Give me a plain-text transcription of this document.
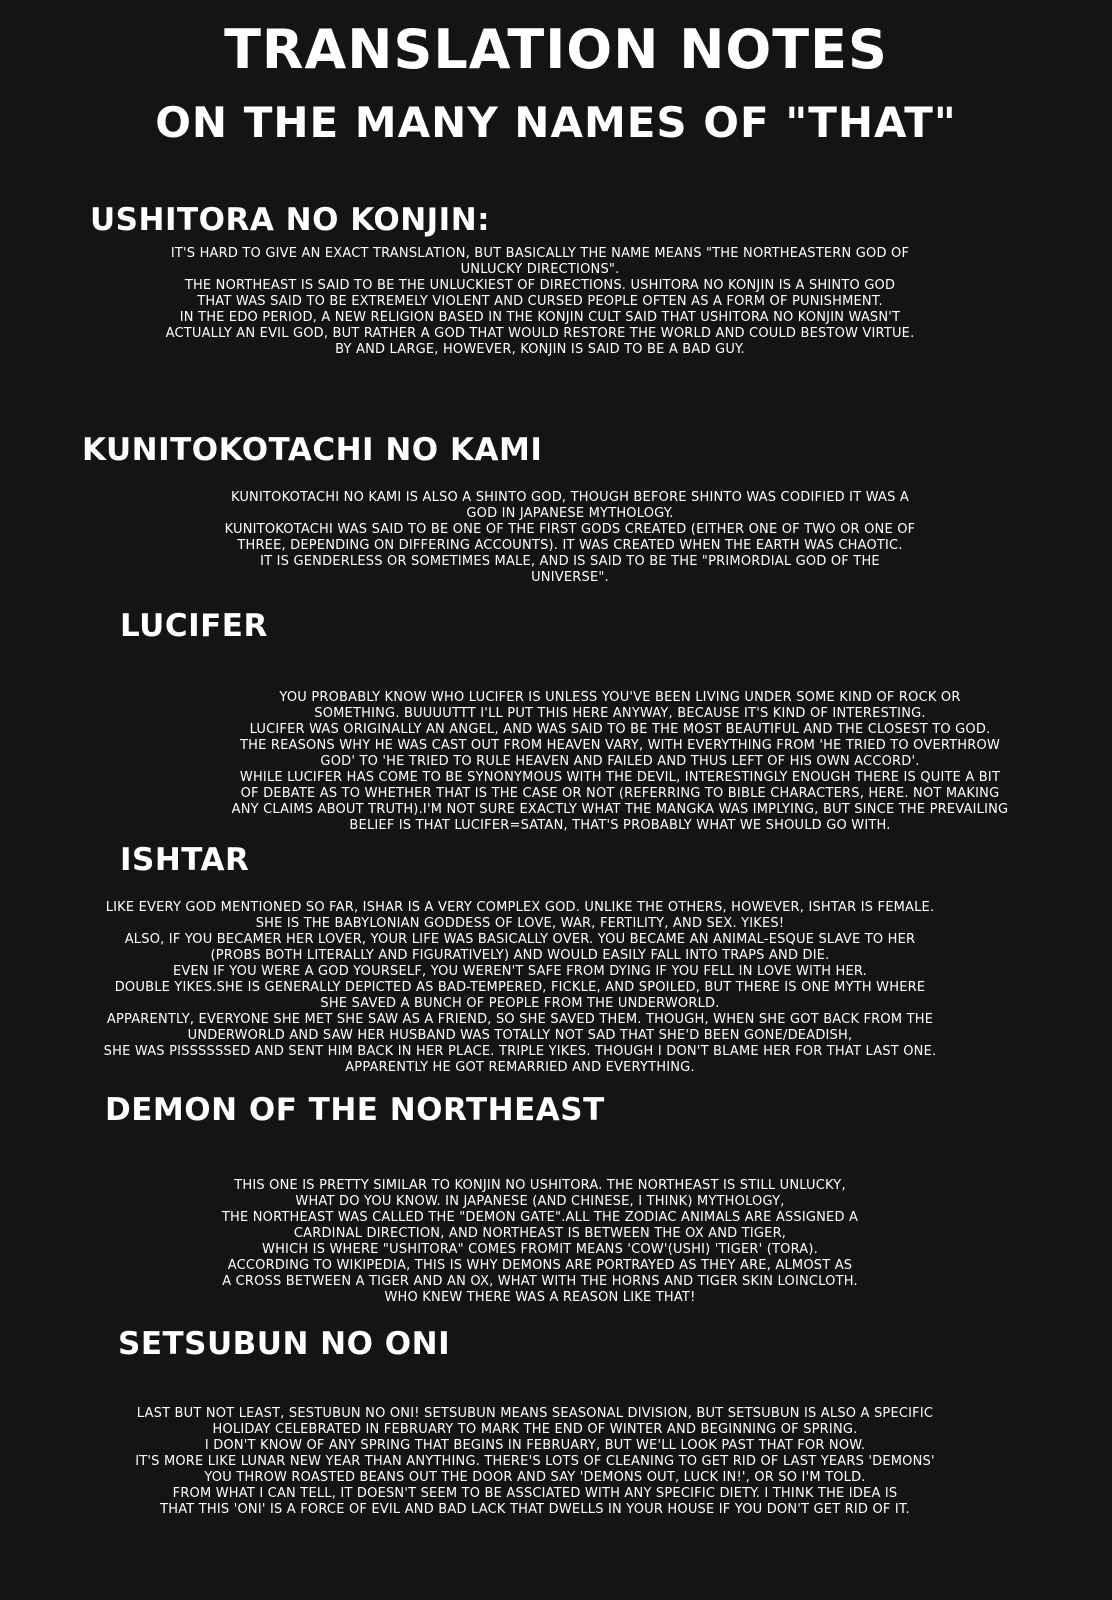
TRANSLATION NOTES
ON THE MANY NAMES OF "THAT"
USHITORA NO KONJIN:
IT'S HARD TO GIVE AN EXACT TRANSLATION, BUT BASICALLY THE NAME MEANS "THE NORTHEASTERN GOD OF
UNLUCKY DIRECTIONS".
THE NORTHEAST IS SAID TO BE THE UNLUCKIEST OF DIRECTIONS. USHITORA NO KONJIN IS A SHINTO GOD
THAT WAS SAID TO BE EXTREMELY VIOLENT AND CURSED PEOPLE OFTEN AS A FORM OF PUNISHMENT.
IN THE EDO PERIOD, A NEW RELIGION BASED IN THE KONJIN CULT SAID THAT USHITORA NO KONJIN WASN'T
ACTUALLY AN EVIL GOD, BUT RATHER A GOD THAT WOULD RESTORE THE WORLD AND COULD BESTOW VIRTUE.
BY AND LARGE, HOWEVER, KONJIN IS SAID TO BE A BAD GUY.
KUNITOKOTACHI NO KAMI
KUNITOKOTACHI NO KAMI IS ALSO A SHINTO GOD, THOUGH BEFORE SHINTO WAS CODIFIED IT WAS A
GOD IN JAPANESE MYTHOLOGY.
KUNITOKOTACHI WAS SAID TO BE ONE OF THE FIRST GODS CREATED (EITHER ONE OF TWO OR ONE OF
THREE, DEPENDING ON DIFFERING ACCOUNTS). IT WAS CREATED WHEN THE EARTH WAS CHAOTIC.
IT IS GENDERLESS OR SOMETIMES MALE, AND IS SAID TO BE THE "PRIMORDIAL GOD OF THE
UNIVERSE".
LUCIFER
YOU PROBABLY KNOW WHO LUCIFER IS UNLESS YOU'VE BEEN LIVING UNDER SOME KIND OF ROCK OR
SOMETHING. BUUUUTTT I'LL PUT THIS HERE ANYWAY, BECAUSE IT'S KIND OF INTERESTING.
LUCIFER WAS ORIGINALLY AN ANGEL, AND WAS SAID TO BE THE MOST BEAUTIFUL AND THE CLOSEST TO GOD.
THE REASONS WHY HE WAS CAST OUT FROM HEAVEN VARY, WITH EVERYTHING FROM 'HE TRIED TO OVERTHROW
GOD' TO 'HE TRIED TO RULE HEAVEN AND FAILED AND THUS LEFT OF HIS OWN ACCORD'.
WHILE LUCIFER HAS COME TO BE SYNONYMOUS WITH THE DEVIL, INTERESTINGLY ENOUGH THERE IS QUITE A BIT
OF DEBATE AS TO WHETHER THAT IS THE CASE OR NOT (REFERRING TO BIBLE CHARACTERS, HERE. NOT MAKING
ANY CLAIMS ABOUT TRUTH).I'M NOT SURE EXACTLY WHAT THE MANGKA WAS IMPLYING, BUT SINCE THE PREVAILING
BELIEF IS THAT LUCIFER=SATAN, THAT'S PROBABLY WHAT WE SHOULD GO WITH.
ISHTAR
LIKE EVERY GOD MENTIONED SO FAR, ISHAR IS A VERY COMPLEX GOD. UNLIKE THE OTHERS, HOWEVER, ISHTAR IS FEMALE.
SHE IS THE BABYLONIAN GODDESS OF LOVE, WAR, FERTILITY, AND SEX. YIKES!
ALSO, IF YOU BECAMER HER LOVER, YOUR LIFE WAS BASICALLY OVER. YOU BECAME AN ANIMAL-ESQUE SLAVE TO HER
(PROBS BOTH LITERALLY AND FIGURATIVELY) AND WOULD EASILY FALL INTO TRAPS AND DIE.
EVEN IF YOU WERE A GOD YOURSELF, YOU WEREN'T SAFE FROM DYING IF YOU FELL IN LOVE WITH HER.
DOUBLE YIKES.SHE IS GENERALLY DEPICTED AS BAD-TEMPERED, FICKLE, AND SPOILED, BUT THERE IS ONE MYTH WHERE
SHE SAVED A BUNCH OF PEOPLE FROM THE UNDERWORLD.
APPARENTLY, EVERYONE SHE MET SHE SAW AS A FRIEND, SO SHE SAVED THEM. THOUGH, WHEN SHE GOT BACK FROM THE
UNDERWORLD AND SAW HER HUSBAND WAS TOTALLY NOT SAD THAT SHE'D BEEN GONE/DEADISH,
SHE WAS PISSSSSSED AND SENT HIM BACK IN HER PLACE. TRIPLE YIKES. THOUGH I DON'T BLAME HER FOR THAT LAST ONE.
APPARENTLY HE GOT REMARRIED AND EVERYTHING.
DEMON OF THE NORTHEAST
THIS ONE IS PRETTY SIMILAR TO KONJIN NO USHITORA. THE NORTHEAST IS STILL UNLUCKY,
WHAT DO YOU KNOW. IN JAPANESE (AND CHINESE, I THINK) MYTHOLOGY,
THE NORTHEAST WAS CALLED THE "DEMON GATE".ALL THE ZODIAC ANIMALS ARE ASSIGNED A
CARDINAL DIRECTION, AND NORTHEAST IS BETWEEN THE OX AND TIGER,
WHICH IS WHERE "USHITORA" COMES FROMIT MEANS 'COW'(USHI) 'TIGER' (TORA).
ACCORDING TO WIKIPEDIA, THIS IS WHY DEMONS ARE PORTRAYED AS THEY ARE, ALMOST AS
A CROSS BETWEEN A TIGER AND AN OX, WHAT WITH THE HORNS AND TIGER SKIN LOINCLOTH.
WHO KNEW THERE WAS A REASON LIKE THAT!
SETSUBUN NO ONI
LAST BUT NOT LEAST, SESTUBUN NO ONI! SETSUBUN MEANS SEASONAL DIVISION, BUT SETSUBUN IS ALSO A SPECIFIC
HOLIDAY CELEBRATED IN FEBRUARY TO MARK THE END OF WINTER AND BEGINNING OF SPRING.
I DON'T KNOW OF ANY SPRING THAT BEGINS IN FEBRUARY, BUT WE'LL LOOK PAST THAT FOR NOW.
IT'S MORE LIKE LUNAR NEW YEAR THAN ANYTHING. THERE'S LOTS OF CLEANING TO GET RID OF LAST YEARS 'DEMONS'
YOU THROW ROASTED BEANS OUT THE DOOR AND SAY 'DEMONS OUT, LUCK IN!', OR SO I'M TOLD.
FROM WHAT I CAN TELL, IT DOESN'T SEEM TO BE ASSCIATED WITH ANY SPECIFIC DIETY. I THINK THE IDEA IS
THAT THIS 'ONI' IS A FORCE OF EVIL AND BAD LACK THAT DWELLS IN YOUR HOUSE IF YOU DON'T GET RID OF IT.
